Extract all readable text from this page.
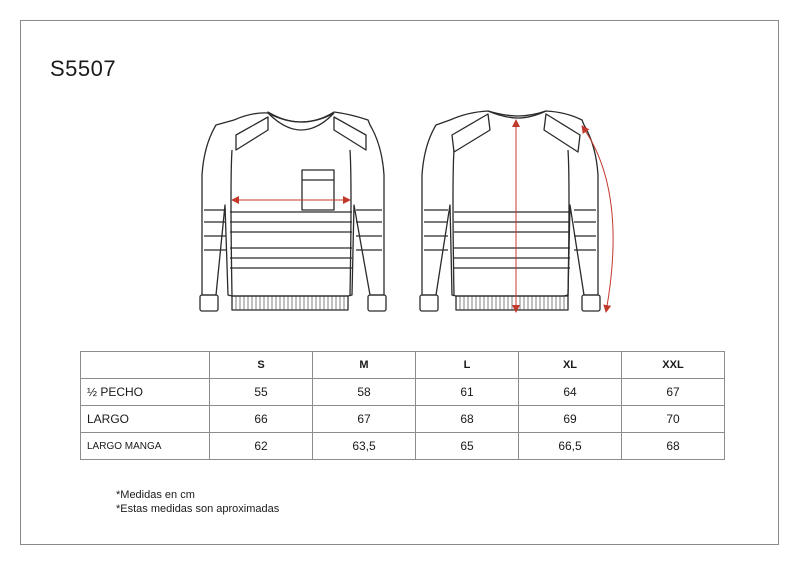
S5507
	S	M	L	XL	XXL
½ PECHO	55	58	61	64	67
LARGO	66	67	68	69	70
LARGO MANGA	62	63,5	65	66,5	68
*Medidas en cm
*Estas medidas son aproximadas
